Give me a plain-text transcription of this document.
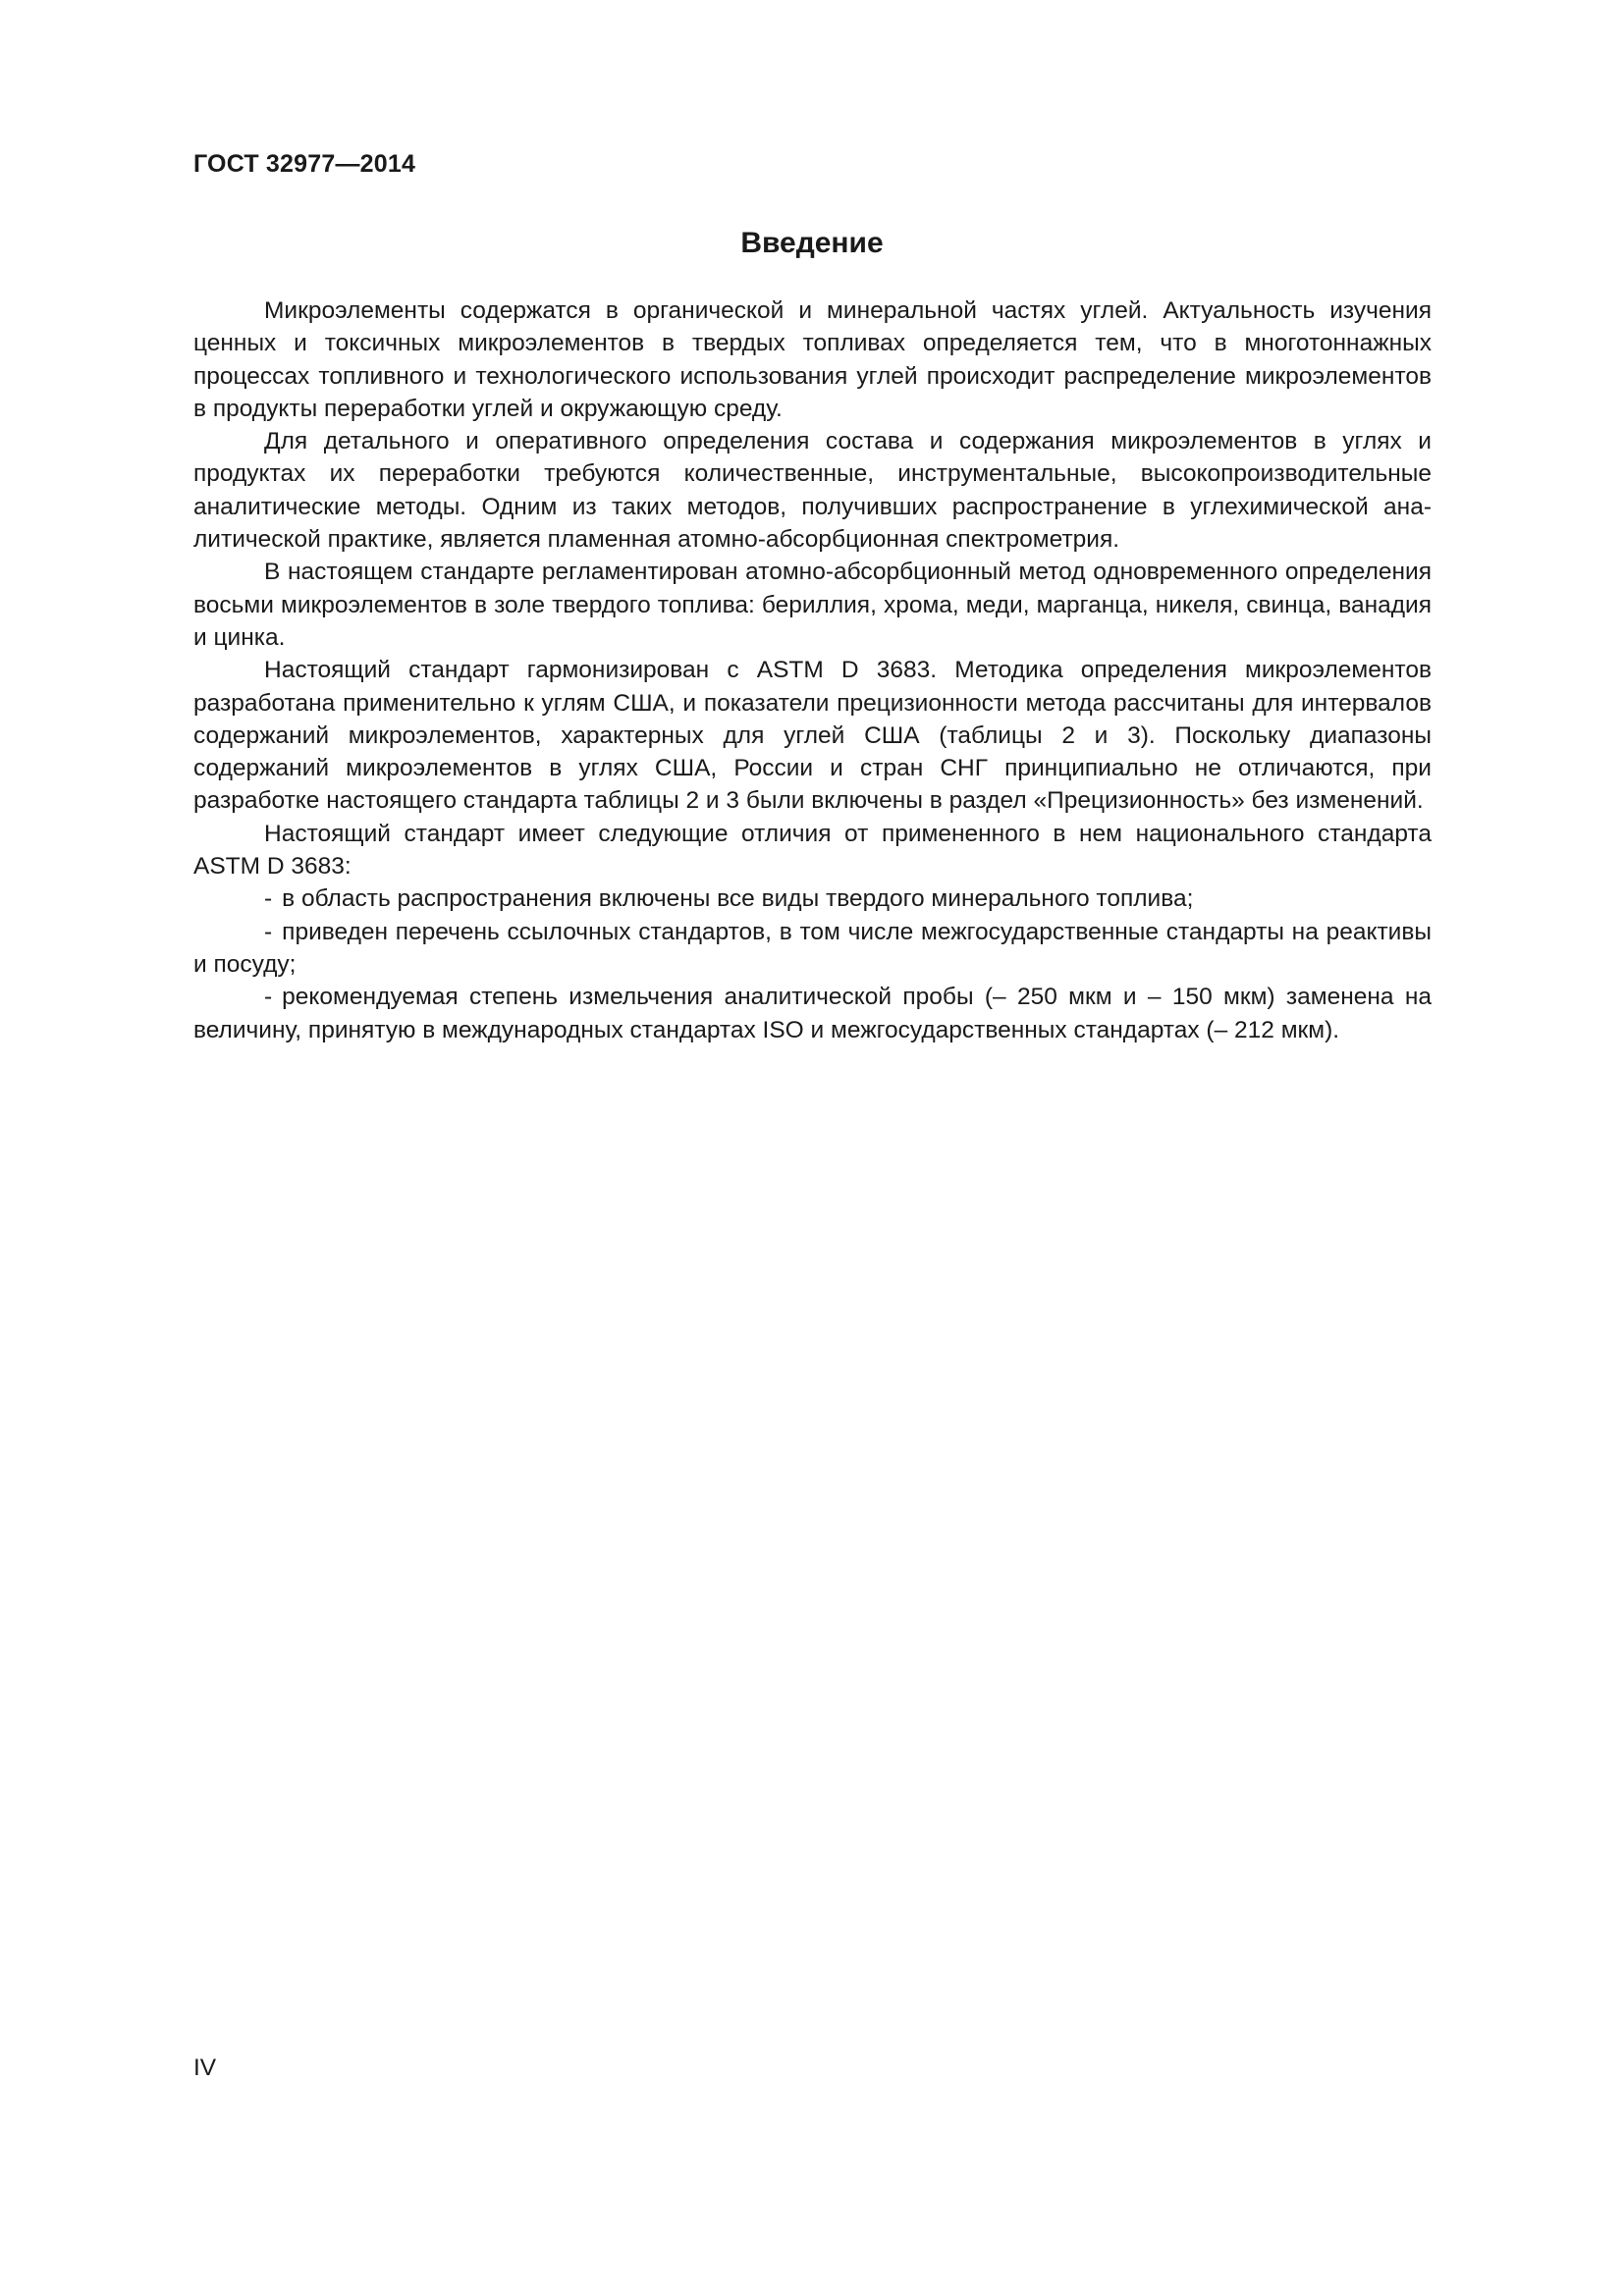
ГОСТ 32977—2014
Введение

Микроэлементы содержатся в органической и минеральной частях углей. Актуальность изучения ценных и токсичных микроэлементов в твердых топливах определяется тем, что в многотоннажных процессах топливного и технологического использования углей происходит распределение микроэлементов в продукты переработки углей и окружающую среду.

Для детального и оперативного определения состава и содержания микроэлементов в углях и продуктах их переработки требуются количественные, инструментальные, высокопроизводительные аналитические методы. Одним из таких методов, получивших распространение в углехимической аналитической практике, является пламенная атомно-абсорбционная спектрометрия.

В настоящем стандарте регламентирован атомно-абсорбционный метод одновременного определения восьми микроэлементов в золе твердого топлива: бериллия, хрома, меди, марганца, никеля, свинца, ванадия и цинка.

Настоящий стандарт гармонизирован с ASTM D 3683. Методика определения микроэлементов разработана применительно к углям США, и показатели прецизионности метода рассчитаны для интервалов содержаний микроэлементов, характерных для углей США (таблицы 2 и 3). Поскольку диапазоны содержаний микроэлементов в углях США, России и стран СНГ принципиально не отличаются, при разработке настоящего стандарта таблицы 2 и 3 были включены в раздел «Прецизионность» без изменений.

Настоящий стандарт имеет следующие отличия от примененного в нем национального стандарта ASTM D 3683:

- в область распространения включены все виды твердого минерального топлива;

- приведен перечень ссылочных стандартов, в том числе межгосударственные стандарты на реактивы и посуду;

- рекомендуемая степень измельчения аналитической пробы (– 250 мкм и – 150 мкм) заменена на величину, принятую в международных стандартах ISO и межгосударственных стандартах (– 212 мкм).

IV
